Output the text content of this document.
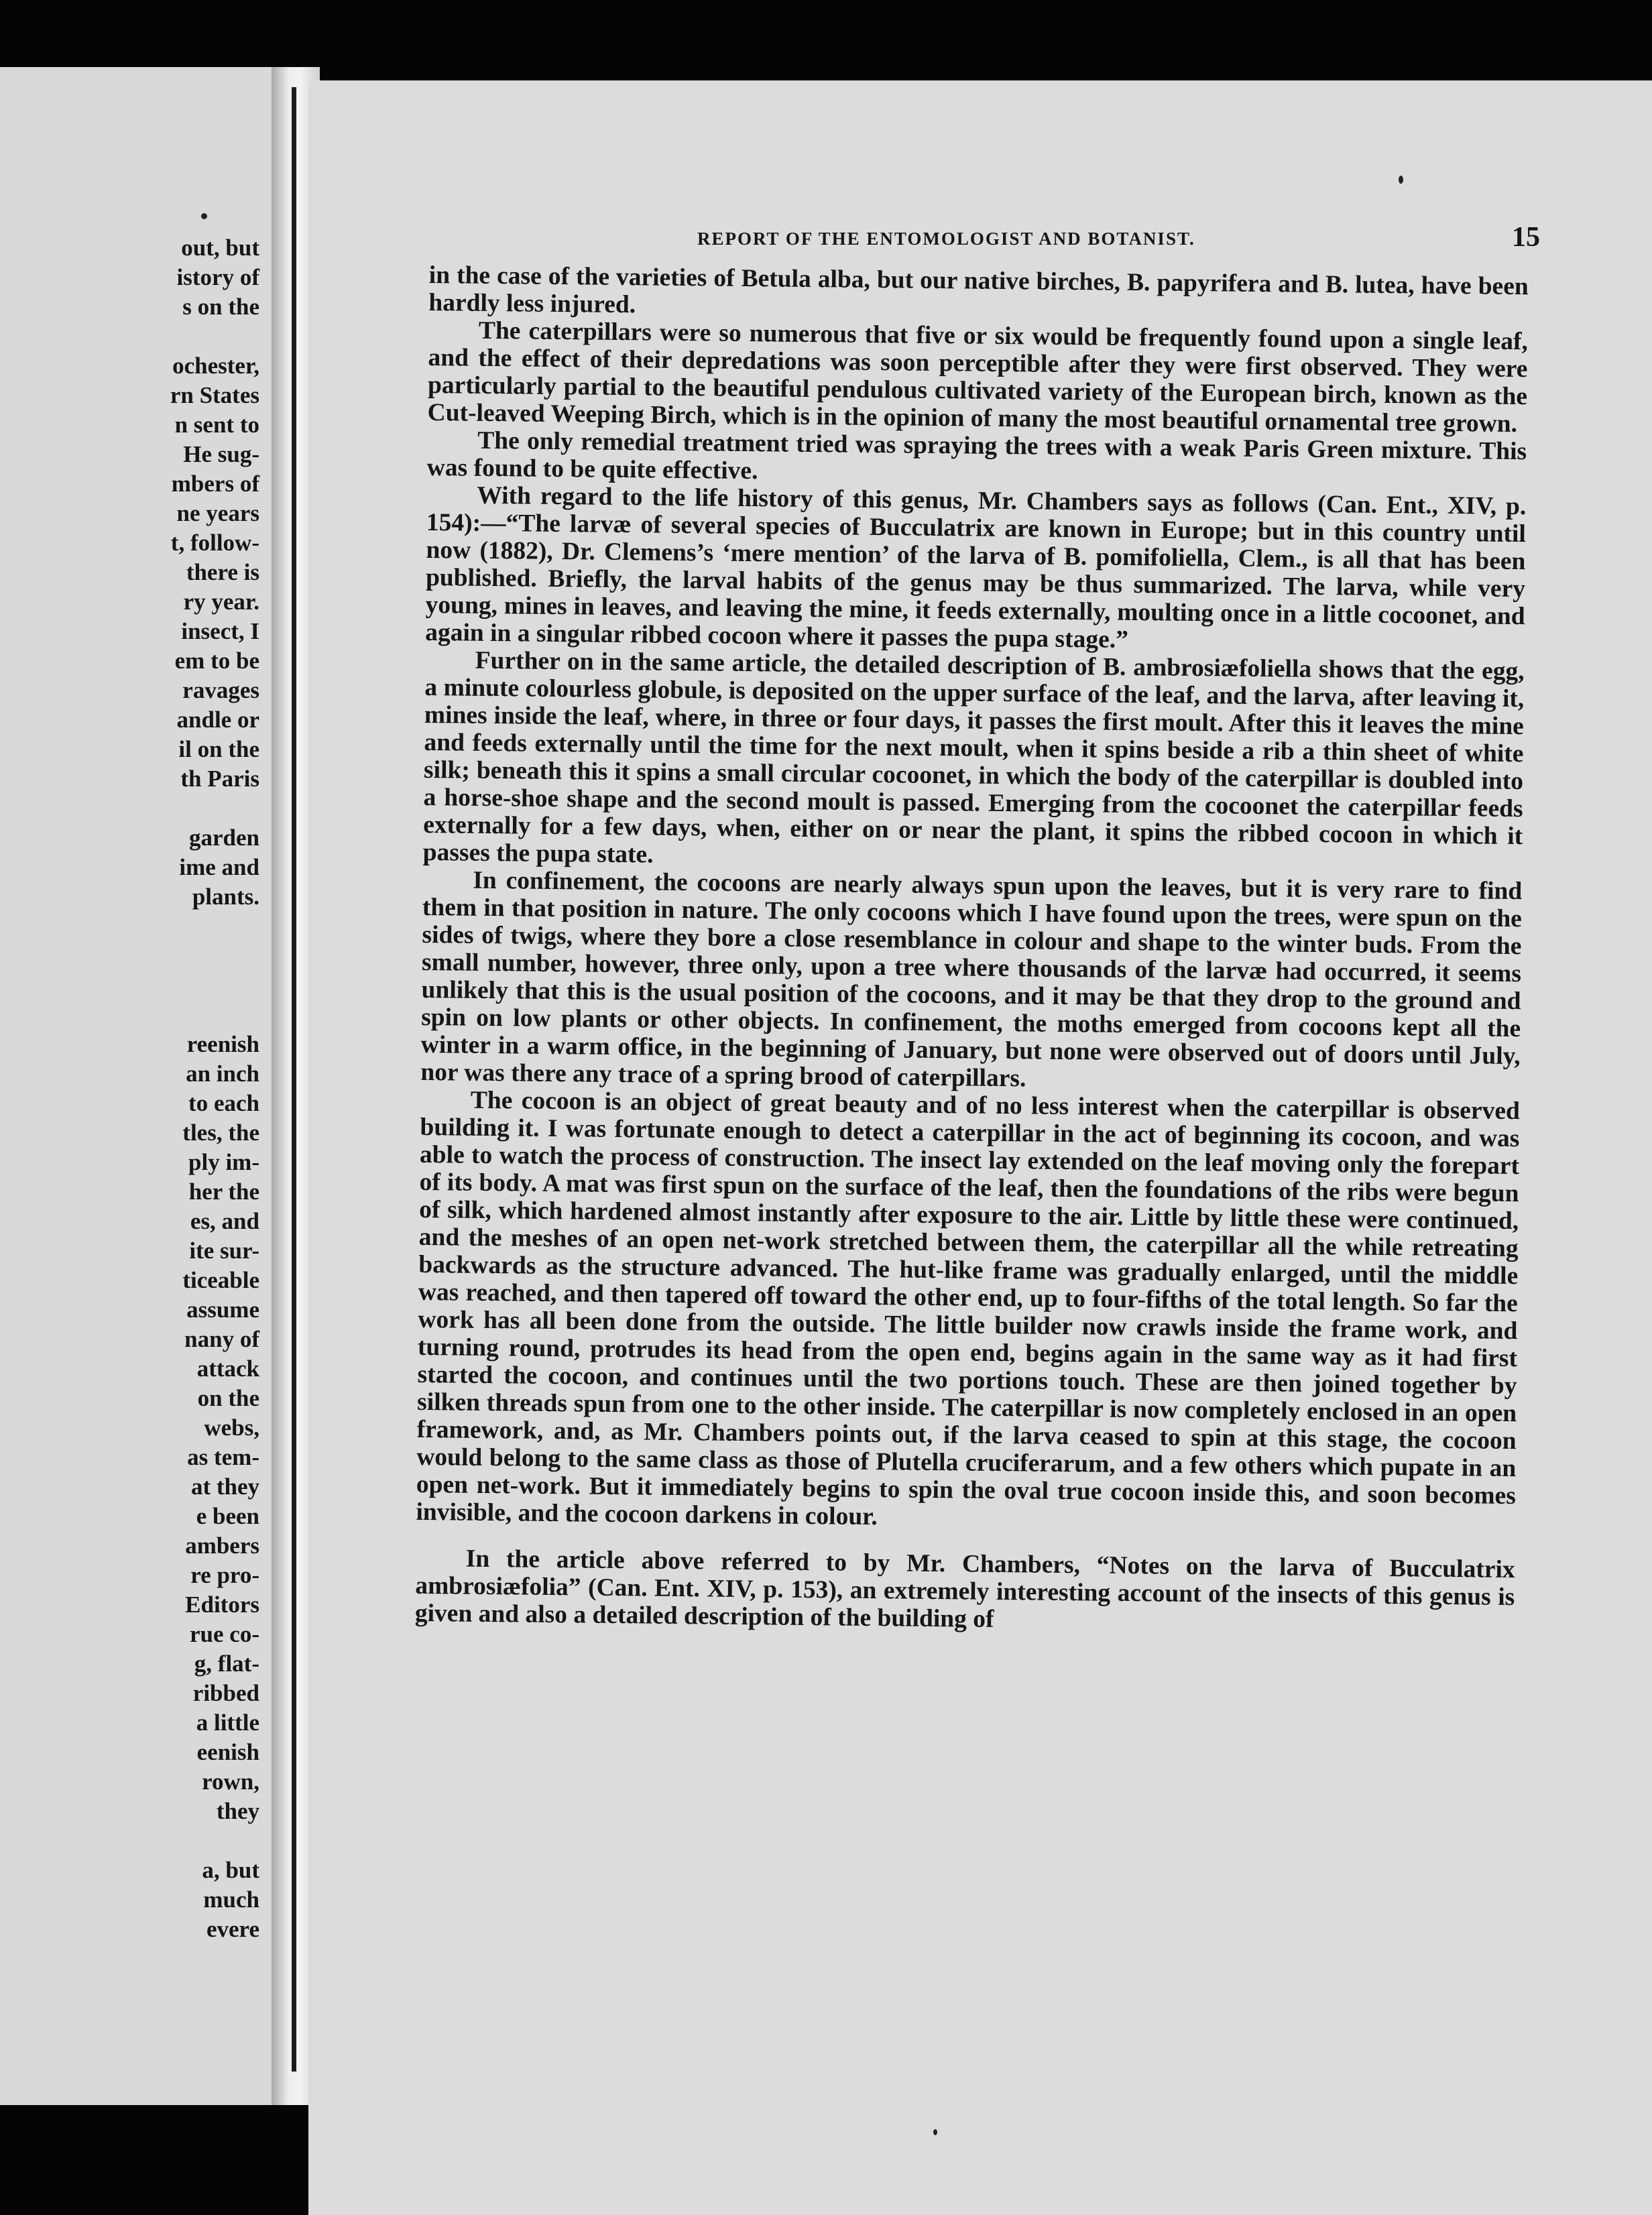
out, but
istory of
s on the

ochester,
rn States
n sent to
He sug-
mbers of
ne years
t, follow-
there is
ry year.
insect, I
em to be
ravages
andle or
il on the
th Paris

garden
ime and
plants.

reenish
an inch
to each
tles, the
ply im-
her the
es, and
ite sur-
ticeable
assume
nany of
attack
on the
webs,
as tem-
at they
e been
ambers
re pro-
Editors
rue co-
g, flat-
ribbed
a little
eenish
rown,
they

a, but
much
evere
REPORT OF THE ENTOMOLOGIST AND BOTANIST.	15

in the case of the varieties of Betula alba, but our native birches, B. papyrifera and B. lutea, have been hardly less injured.

The caterpillars were so numerous that five or six would be frequently found upon a single leaf, and the effect of their depredations was soon perceptible after they were first observed. They were particularly partial to the beautiful pendulous cultivated variety of the European birch, known as the Cut-leaved Weeping Birch, which is in the opinion of many the most beautiful ornamental tree grown.

The only remedial treatment tried was spraying the trees with a weak Paris Green mixture. This was found to be quite effective.

With regard to the life history of this genus, Mr. Chambers says as follows (Can. Ent., XIV, p. 154):—“The larvæ of several species of Bucculatrix are known in Europe; but in this country until now (1882), Dr. Clemens’s ‘mere mention’ of the larva of B. pomifoliella, Clem., is all that has been published. Briefly, the larval habits of the genus may be thus summarized. The larva, while very young, mines in leaves, and leaving the mine, it feeds externally, moulting once in a little cocoonet, and again in a singular ribbed cocoon where it passes the pupa stage.”

Further on in the same article, the detailed description of B. ambrosiæfoliella shows that the egg, a minute colourless globule, is deposited on the upper surface of the leaf, and the larva, after leaving it, mines inside the leaf, where, in three or four days, it passes the first moult. After this it leaves the mine and feeds externally until the time for the next moult, when it spins beside a rib a thin sheet of white silk; beneath this it spins a small circular cocoonet, in which the body of the caterpillar is doubled into a horse-shoe shape and the second moult is passed. Emerging from the cocoonet the caterpillar feeds externally for a few days, when, either on or near the plant, it spins the ribbed cocoon in which it passes the pupa state.

In confinement, the cocoons are nearly always spun upon the leaves, but it is very rare to find them in that position in nature. The only cocoons which I have found upon the trees, were spun on the sides of twigs, where they bore a close resemblance in colour and shape to the winter buds. From the small number, however, three only, upon a tree where thousands of the larvæ had occurred, it seems unlikely that this is the usual position of the cocoons, and it may be that they drop to the ground and spin on low plants or other objects. In confinement, the moths emerged from cocoons kept all the winter in a warm office, in the beginning of January, but none were observed out of doors until July, nor was there any trace of a spring brood of caterpillars.

The cocoon is an object of great beauty and of no less interest when the caterpillar is observed building it. I was fortunate enough to detect a caterpillar in the act of beginning its cocoon, and was able to watch the process of construction. The insect lay extended on the leaf moving only the forepart of its body. A mat was first spun on the surface of the leaf, then the foundations of the ribs were begun of silk, which hardened almost instantly after exposure to the air. Little by little these were continued, and the meshes of an open net-work stretched between them, the caterpillar all the while retreating backwards as the structure advanced. The hut-like frame was gradually enlarged, until the middle was reached, and then tapered off toward the other end, up to four-fifths of the total length. So far the work has all been done from the outside. The little builder now crawls inside the frame work, and turning round, protrudes its head from the open end, begins again in the same way as it had first started the cocoon, and continues until the two portions touch. These are then joined together by silken threads spun from one to the other inside. The caterpillar is now completely enclosed in an open framework, and, as Mr. Chambers points out, if the larva ceased to spin at this stage, the cocoon would belong to the same class as those of Plutella cruciferarum, and a few others which pupate in an open net-work. But it immediately begins to spin the oval true cocoon inside this, and soon becomes invisible, and the cocoon darkens in colour.

In the article above referred to by Mr. Chambers, “Notes on the larva of Bucculatrix ambrosiæfolia” (Can. Ent. XIV, p. 153), an extremely interesting account of the insects of this genus is given and also a detailed description of the building of
